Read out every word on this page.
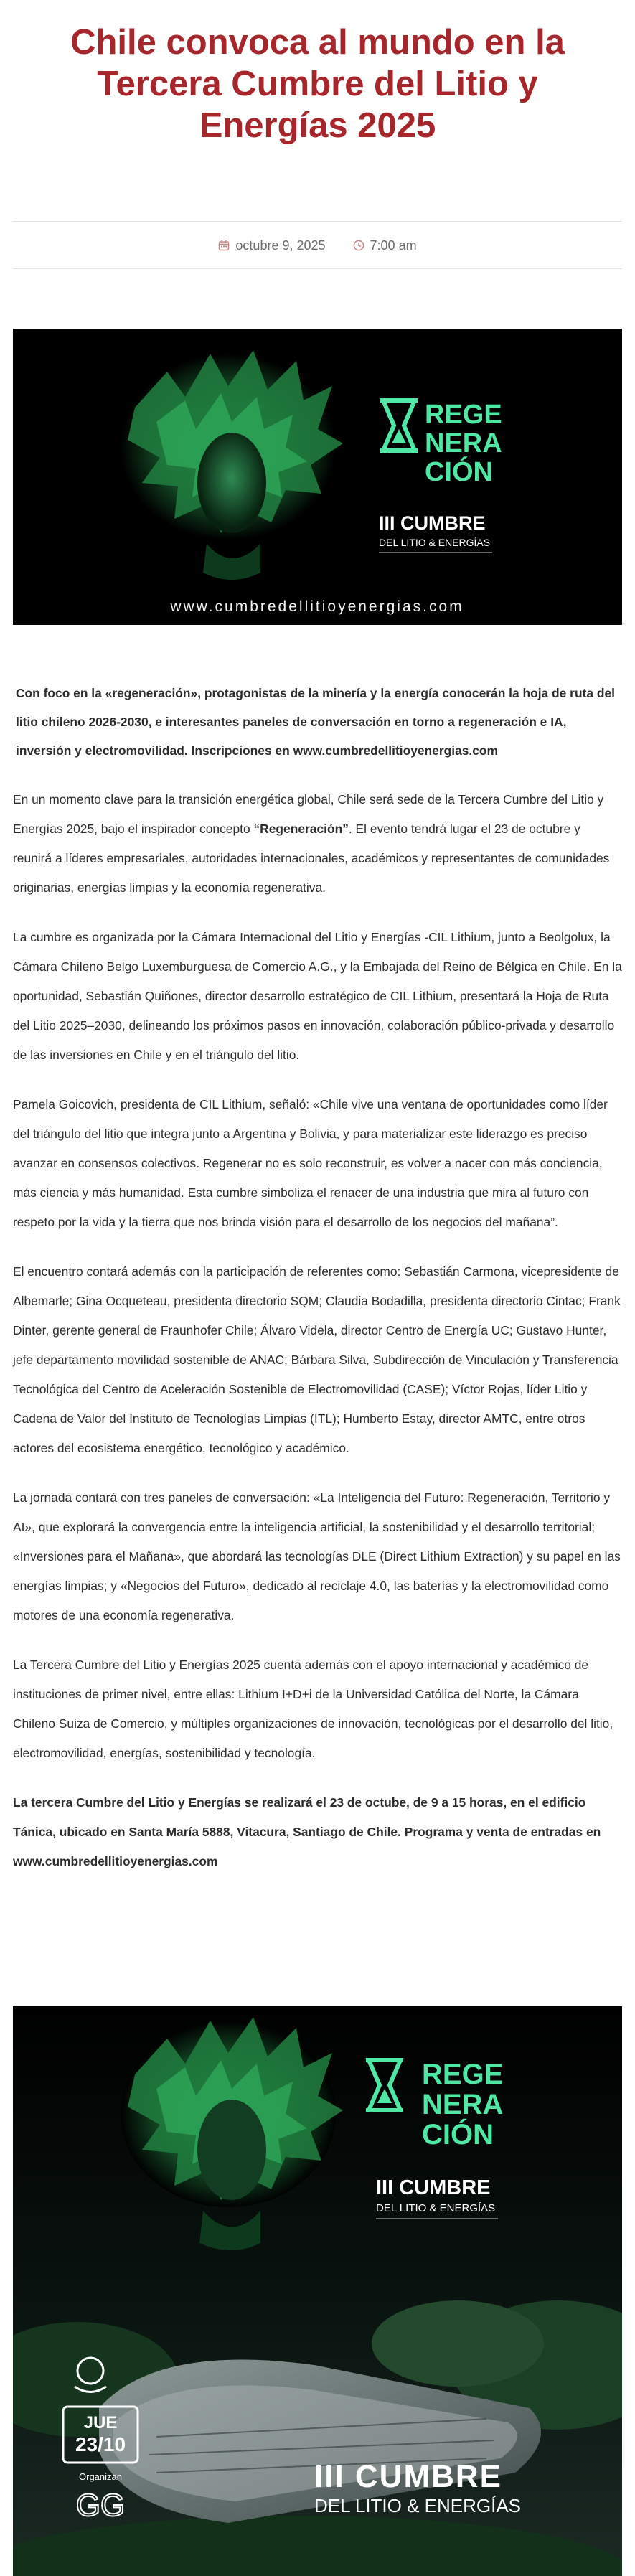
Chile convoca al mundo en la Tercera Cumbre del Litio y Energías 2025
octubre 9, 2025	7:00 am
REGE
NERA
CIÓN
III CUMBRE
DEL LITIO & ENERGÍAS
www.cumbredellitioyenergias.com

Con foco en la «regeneración», protagonistas de la minería y la energía conocerán la hoja de ruta del litio chileno 2026-2030, e interesantes paneles de conversación en torno a regeneración e IA, inversión y electromovilidad. Inscripciones en www.cumbredellitioyenergias.com

En un momento clave para la transición energética global, Chile será sede de la Tercera Cumbre del Litio y Energías 2025, bajo el inspirador concepto “Regeneración”. El evento tendrá lugar el 23 de octubre y reunirá a líderes empresariales, autoridades internacionales, académicos y representantes de comunidades originarias, energías limpias y la economía regenerativa.

La cumbre es organizada por la Cámara Internacional del Litio y Energías -CIL Lithium, junto a Beolgolux, la Cámara Chileno Belgo Luxemburguesa de Comercio A.G., y la Embajada del Reino de Bélgica en Chile. En la oportunidad, Sebastián Quiñones, director desarrollo estratégico de CIL Lithium, presentará la Hoja de Ruta del Litio 2025–2030, delineando los próximos pasos en innovación, colaboración público-privada y desarrollo de las inversiones en Chile y en el triángulo del litio.

Pamela Goicovich, presidenta de CIL Lithium, señaló: «Chile vive una ventana de oportunidades como líder del triángulo del litio que integra junto a Argentina y Bolivia, y para materializar este liderazgo es preciso avanzar en consensos colectivos. Regenerar no es solo reconstruir, es volver a nacer con más conciencia, más ciencia y más humanidad. Esta cumbre simboliza el renacer de una industria que mira al futuro con respeto por la vida y la tierra que nos brinda visión para el desarrollo de los negocios del mañana”.

El encuentro contará además con la participación de referentes como: Sebastián Carmona, vicepresidente de Albemarle; Gina Ocqueteau, presidenta directorio SQM; Claudia Bodadilla, presidenta directorio Cintac; Frank Dinter, gerente general de Fraunhofer Chile; Álvaro Videla, director Centro de Energía UC; Gustavo Hunter, jefe departamento movilidad sostenible de ANAC; Bárbara Silva, Subdirección de Vinculación y Transferencia Tecnológica del Centro de Aceleración Sostenible de Electromovilidad (CASE); Víctor Rojas, líder Litio y Cadena de Valor del Instituto de Tecnologías Limpias (ITL); Humberto Estay, director AMTC, entre otros actores del ecosistema energético, tecnológico y académico.

La jornada contará con tres paneles de conversación: «La Inteligencia del Futuro: Regeneración, Territorio y AI», que explorará la convergencia entre la inteligencia artificial, la sostenibilidad y el desarrollo territorial; «Inversiones para el Mañana», que abordará las tecnologías DLE (Direct Lithium Extraction) y su papel en las energías limpias; y «Negocios del Futuro», dedicado al reciclaje 4.0, las baterías y la electromovilidad como motores de una economía regenerativa.

La Tercera Cumbre del Litio y Energías 2025 cuenta además con el apoyo internacional y académico de instituciones de primer nivel, entre ellas: Lithium I+D+i de la Universidad Católica del Norte, la Cámara Chileno Suiza de Comercio, y múltiples organizaciones de innovación, tecnológicas por el desarrollo del litio, electromovilidad, energías, sostenibilidad y tecnología.

La tercera Cumbre del Litio y Energías se realizará el 23 de octube, de 9 a 15 horas, en el edificio Tánica, ubicado en Santa María 5888, Vitacura, Santiago de Chile. Programa y venta de entradas en www.cumbredellitioyenergias.com

REGE
NERA
CIÓN
III CUMBRE
DEL LITIO & ENERGÍAS
JUE
23/10
Organizan
GG
III CUMBRE
DEL LITIO & ENERGÍAS
